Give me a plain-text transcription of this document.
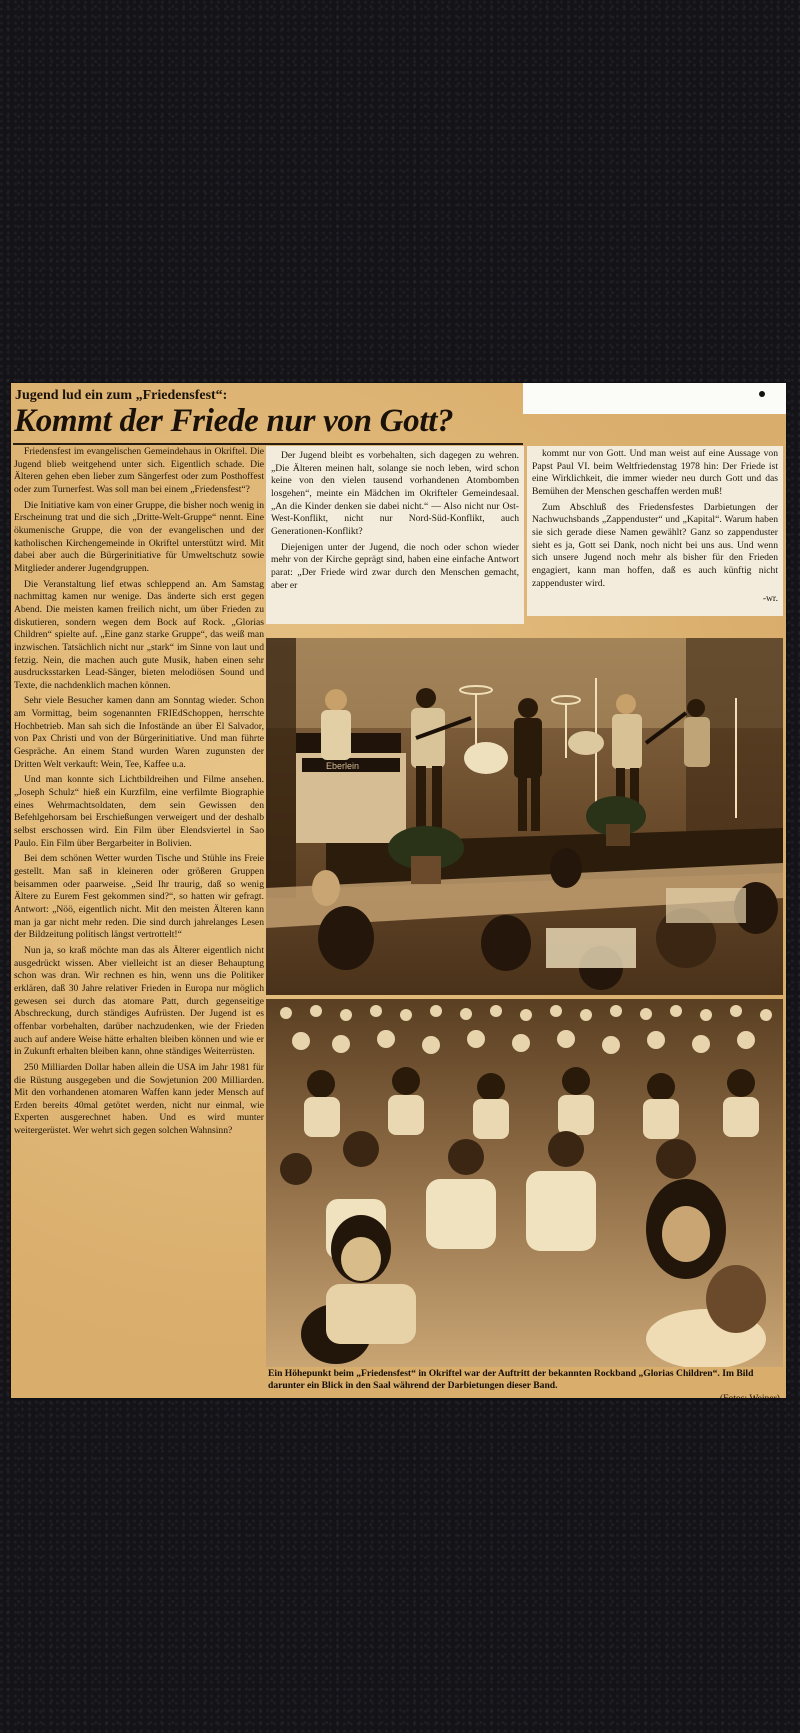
Jugend lud ein zum „Friedensfest“:
Kommt der Friede nur von Gott?

Friedensfest im evangelischen Gemeindehaus in Okriftel. Die Jugend blieb weitgehend unter sich. Eigentlich schade. Die Älteren gehen eben lieber zum Sängerfest oder zum Posthoffest oder zum Turnerfest. Was soll man bei einem „Friedensfest“?

Die Initiative kam von einer Gruppe, die bisher noch wenig in Erscheinung trat und die sich „Dritte-Welt-Gruppe“ nennt. Eine ökumenische Gruppe, die von der evangelischen und der katholischen Kirchengemeinde in Okriftel unterstützt wird. Mit dabei aber auch die Bürgerinitiative für Umweltschutz sowie Mitglieder anderer Jugendgruppen.

Die Veranstaltung lief etwas schleppend an. Am Samstag nachmittag kamen nur wenige. Das änderte sich erst gegen Abend. Die meisten kamen freilich nicht, um über Frieden zu diskutieren, sondern wegen dem Bock auf Rock. „Glorias Children“ spielte auf. „Eine ganz starke Gruppe“, das weiß man inzwischen. Tatsächlich nicht nur „stark“ im Sinne von laut und fetzig. Nein, die machen auch gute Musik, haben einen sehr ausdrucksstarken Lead-Sänger, bieten melodiösen Sound und Texte, die nachdenklich machen können.

Sehr viele Besucher kamen dann am Sonntag wieder. Schon am Vormittag, beim sogenannten FRIEdSchoppen, herrschte Hochbetrieb. Man sah sich die Infostände an über El Salvador, von Pax Christi und von der Bürgerinitiative. Und man führte Gespräche. An einem Stand wurden Waren zugunsten der Dritten Welt verkauft: Wein, Tee, Kaffee u.a.

Und man konnte sich Lichtbildreihen und Filme ansehen. „Joseph Schulz“ hieß ein Kurzfilm, eine verfilmte Biographie eines Wehrmachtsoldaten, dem sein Gewissen den Befehlgehorsam bei Erschießungen verweigert und der deshalb selbst erschossen wird. Ein Film über Elendsviertel in Sao Paulo. Ein Film über Bergarbeiter in Bolivien.

Bei dem schönen Wetter wurden Tische und Stühle ins Freie gestellt. Man saß in kleineren oder größeren Gruppen beisammen oder paarweise. „Seid Ihr traurig, daß so wenig Ältere zu Eurem Fest gekommen sind?“, so hatten wir gefragt. Antwort: „Nöö, eigentlich nicht. Mit den meisten Älteren kann man ja gar nicht mehr reden. Die sind durch jahrelanges Lesen der Bildzeitung politisch längst vertrottelt!“

Nun ja, so kraß möchte man das als Älterer eigentlich nicht ausgedrückt wissen. Aber vielleicht ist an dieser Behauptung schon was dran. Wir rechnen es hin, wenn uns die Politiker erklären, daß 30 Jahre relativer Frieden in Europa nur möglich gewesen sei durch das atomare Patt, durch gegenseitige Abschreckung, durch ständiges Aufrüsten. Der Jugend ist es offenbar vorbehalten, darüber nachzudenken, wie der Frieden auch auf andere Weise hätte erhalten bleiben können und wie er in Zukunft erhalten bleiben kann, ohne ständiges Weiterrüsten.

250 Milliarden Dollar haben allein die USA im Jahr 1981 für die Rüstung ausgegeben und die Sowjetunion 200 Milliarden. Mit den vorhandenen atomaren Waffen kann jeder Mensch auf Erden bereits 40mal getötet werden, nicht nur einmal, wie Experten ausgerechnet haben. Und es wird munter weitergerüstet. Wer wehrt sich gegen solchen Wahnsinn?

Der Jugend bleibt es vorbehalten, sich dagegen zu wehren. „Die Älteren meinen halt, solange sie noch leben, wird schon keine von den vielen tausend vorhandenen Atombomben losgehen“, meinte ein Mädchen im Okrifteler Gemeindesaal. „An die Kinder denken sie dabei nicht.“ — Also nicht nur Ost-West-Konflikt, nicht nur Nord-Süd-Konflikt, auch Generationen-Konflikt?

Diejenigen unter der Jugend, die noch oder schon wieder mehr von der Kirche geprägt sind, haben eine einfache Antwort parat: „Der Friede wird zwar durch den Menschen gemacht, aber er

kommt nur von Gott. Und man weist auf eine Aussage von Papst Paul VI. beim Weltfriedenstag 1978 hin: Der Friede ist eine Wirklichkeit, die immer wieder neu durch Gott und das Bemühen der Menschen geschaffen werden muß!

Zum Abschluß des Friedensfestes Darbietungen der Nachwuchsbands „Zappenduster“ und „Kapital“. Warum haben sie sich gerade diese Namen gewählt? Ganz so zappenduster sieht es ja, Gott sei Dank, noch nicht bei uns aus. Und wenn sich unsere Jugend noch mehr als bisher für den Frieden engagiert, kann man hoffen, daß es auch künftig nicht zappenduster wird.

-wr.
Eberlein
Ein Höhepunkt beim „Friedensfest“ in Okriftel war der Auftritt der bekannten Rockband „Glorias Children“. Im Bild darunter ein Blick in den Saal während der Darbietungen dieser Band.
(Fotos: Weiner)
